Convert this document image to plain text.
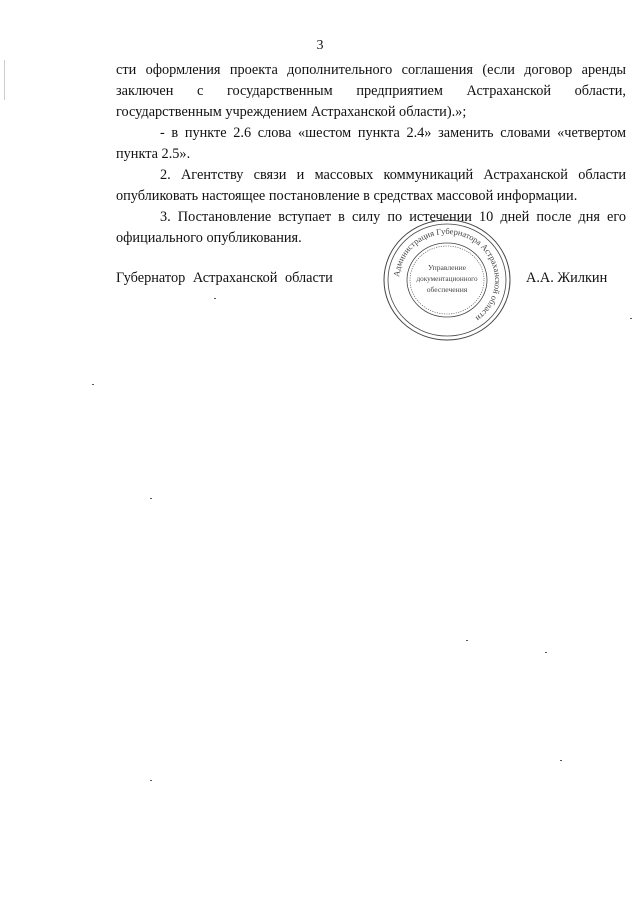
3

сти оформления проекта дополнительного соглашения (если договор аренды заключен с государственным предприятием Астраханской области, государственным учреждением Астраханской области).»;

- в пункте 2.6 слова «шестом пункта 2.4» заменить словами «четвертом пункта 2.5».

2. Агентству связи и массовых коммуникаций Астраханской области опубликовать настоящее постановление в средствах массовой информации.

3. Постановление вступает в силу по истечении 10 дней после дня его официального опубликования.

Губернатор Астраханской области	Администрация Губернатора Астраханской области
Управление
документационного
обеспечения
А.А. Жилкин
